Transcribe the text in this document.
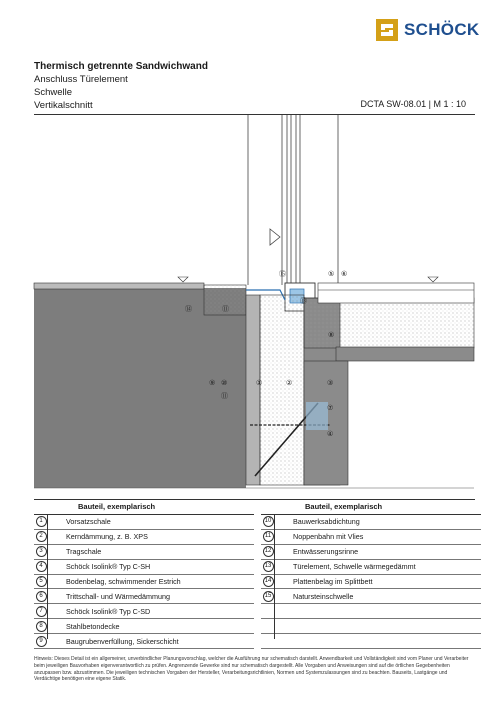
SCHÖCK
Thermisch getrennte Sandwichwand
Anschluss Türelement
Schwelle
Vertikalschnitt	DCTA SW-08.01 | M 1 : 10
⑮	⑤ ⑥
⑬
⑭	⑪
⑧
⑨ ⑩	①	②	③
⑪
⑦
④
Bauteil, exemplarisch
1	Vorsatzschale
2	Kerndämmung, z. B. XPS
3	Tragschale
4	Schöck Isolink® Typ C-SH
5	Bodenbelag, schwimmender Estrich
6	Trittschall- und Wärmedämmung
7	Schöck Isolink® Typ C-SD
8	Stahlbetondecke
9	Baugrubenverfüllung, Sickerschicht
Bauteil, exemplarisch
10	Bauwerksabdichtung
11	Noppenbahn mit Vlies
12	Entwässerungsrinne
13	Türelement, Schwelle wärmegedämmt
14	Plattenbelag im Splittbett
15	Natursteinschwelle
Hinweis: Dieses Detail ist ein allgemeiner, unverbindlicher Planungsvorschlag, welcher die Ausführung nur schematisch darstellt. Anwendbarkeit und Vollständigkeit sind vom Planer und Verarbeiter beim jeweiligen Bauvorhaben eigenverantwortlich zu prüfen. Angrenzende Gewerke sind nur schematisch dargestellt. Alle Vorgaben und Anweisungen sind auf die örtlichen Gegebenheiten anzupassen bzw. abzustimmen. Die jeweiligen technischen Vorgaben der Hersteller, Verarbeitungsrichtlinien, Normen und Systemzulassungen sind zu beachten. Bauseits, Lastgänge und Verdächtige benötigen eine eigene Statik.
